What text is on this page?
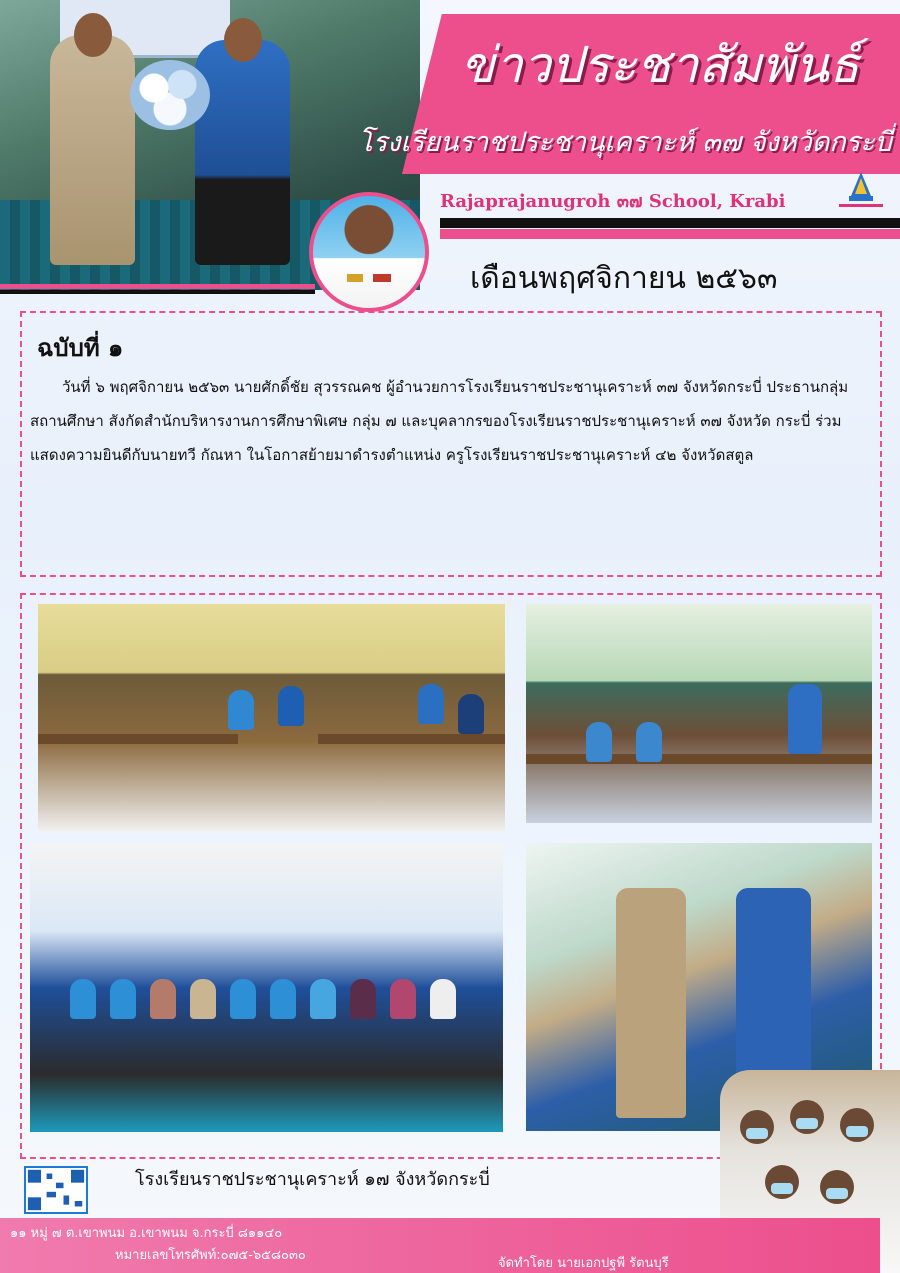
ข่าวประชาสัมพันธ์
โรงเรียนราชประชานุเคราะห์ ๓๗ จังหวัดกระบี่
Rajaprajanugroh ๓๗ School, Krabi
เดือนพฤศจิกายน ๒๕๖๓
ฉบับที่ ๑
วันที่ ๖ พฤศจิกายน ๒๕๖๓ นายศักดิ์ชัย สุวรรณคช ผู้อำนวยการโรงเรียนราชประชานุเคราะห์ ๓๗ จังหวัดกระบี่ ประธานกลุ่มสถานศึกษา สังกัดสำนักบริหารงานการศึกษาพิเศษ กลุ่ม ๗ และบุคลากรของโรงเรียนราชประชานุเคราะห์ ๓๗ จังหวัด กระบี่ ร่วมแสดงความยินดีกับนายทวี กัณหา ในโอกาสย้ายมาดำรงตำแหน่ง ครูโรงเรียนราชประชานุเคราะห์ ๔๒ จังหวัดสตูล
โรงเรียนราชประชานุเคราะห์ ๑๗ จังหวัดกระบี่
๑๑ หมู่ ๗ ต.เขาพนม อ.เขาพนม จ.กระบี่ ๘๑๑๔๐
หมายเลขโทรศัพท์:๐๗๕-๖๕๘๐๓๐
จัดทำโดย นายเอกปฐพี รัตนบุรี
